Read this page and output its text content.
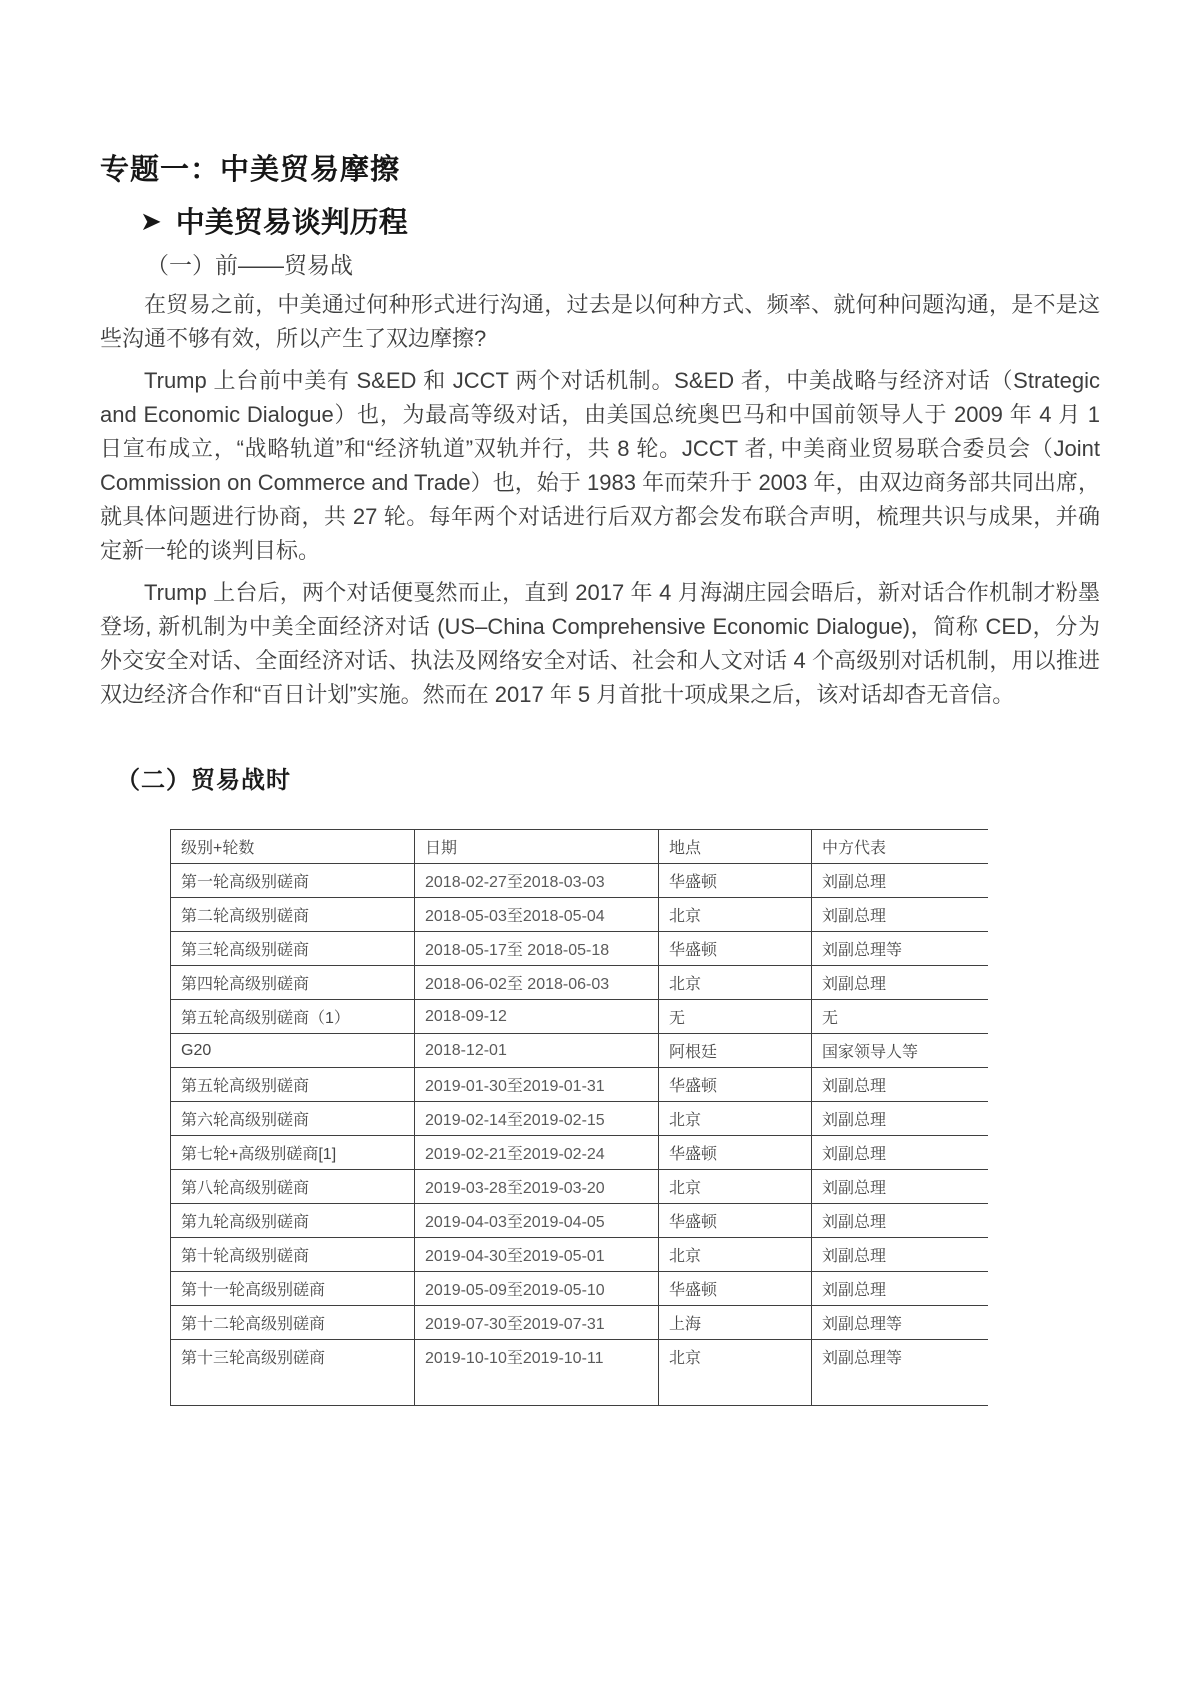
专题一：中美贸易摩擦
➤ 中美贸易谈判历程

（一）前——贸易战

在贸易之前，中美通过何种形式进行沟通，过去是以何种方式、频率、就何种问题沟通，是不是这些沟通不够有效，所以产生了双边摩擦?

Trump 上台前中美有 S&ED 和 JCCT 两个对话机制。S&ED 者，中美战略与经济对话（Strategic and Economic Dialogue）也，为最高等级对话，由美国总统奥巴马和中国前领导人于 2009 年 4 月 1 日宣布成立，“战略轨道”和“经济轨道”双轨并行，共 8 轮。JCCT 者, 中美商业贸易联合委员会（Joint Commission on Commerce and Trade）也，始于 1983 年而荣升于 2003 年，由双边商务部共同出席，就具体问题进行协商，共 27 轮。每年两个对话进行后双方都会发布联合声明，梳理共识与成果，并确定新一轮的谈判目标。

Trump 上台后，两个对话便戛然而止，直到 2017 年 4 月海湖庄园会晤后，新对话合作机制才粉墨登场, 新机制为中美全面经济对话 (US–China Comprehensive Economic Dialogue)，简称 CED，分为外交安全对话、全面经济对话、执法及网络安全对话、社会和人文对话 4 个高级别对话机制，用以推进双边经济合作和“百日计划”实施。然而在 2017 年 5 月首批十项成果之后，该对话却杳无音信。

（二）贸易战时
级别+轮数	日期	地点	中方代表
第一轮高级别磋商	2018-02-27至2018-03-03	华盛顿	刘副总理
第二轮高级别磋商	2018-05-03至2018-05-04	北京	刘副总理
第三轮高级别磋商	2018-05-17至 2018-05-18	华盛顿	刘副总理等
第四轮高级别磋商	2018-06-02至 2018-06-03	北京	刘副总理
第五轮高级别磋商（1）	2018-09-12	无	无
G20	2018-12-01	阿根廷	国家领导人等
第五轮高级别磋商	2019-01-30至2019-01-31	华盛顿	刘副总理
第六轮高级别磋商	2019-02-14至2019-02-15	北京	刘副总理
第七轮+高级别磋商[1]	2019-02-21至2019-02-24	华盛顿	刘副总理
第八轮高级别磋商	2019-03-28至2019-03-20	北京	刘副总理
第九轮高级别磋商	2019-04-03至2019-04-05	华盛顿	刘副总理
第十轮高级别磋商	2019-04-30至2019-05-01	北京	刘副总理
第十一轮高级别磋商	2019-05-09至2019-05-10	华盛顿	刘副总理
第十二轮高级别磋商	2019-07-30至2019-07-31	上海	刘副总理等
第十三轮高级别磋商	2019-10-10至2019-10-11	北京	刘副总理等
